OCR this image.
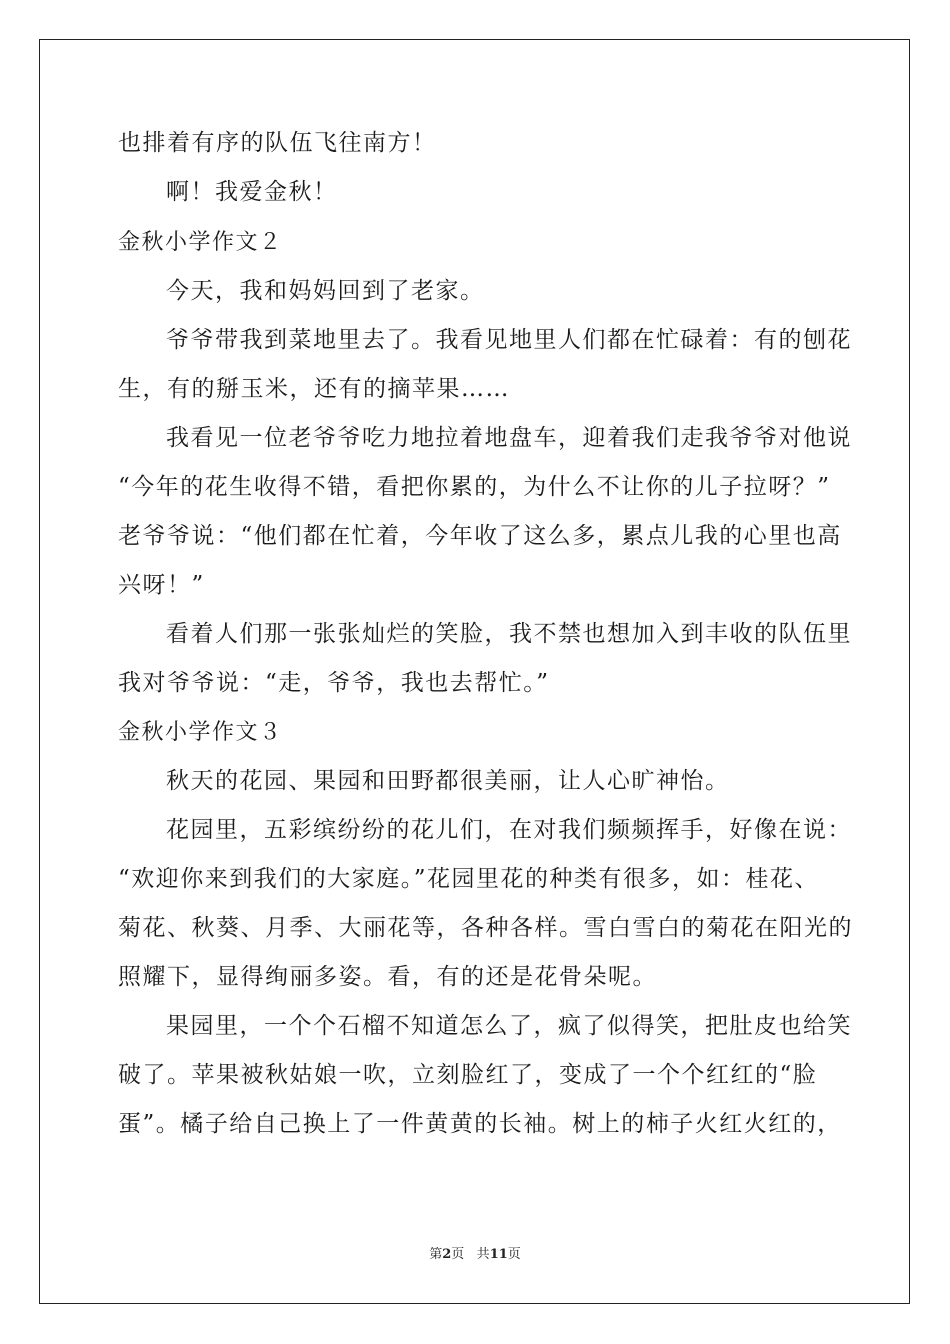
也排着有序的队伍飞往南方！

啊！我爱金秋！

金秋小学作文２

今天，我和妈妈回到了老家。

爷爷带我到菜地里去了。我看见地里人们都在忙碌着：有的刨花

生，有的掰玉米，还有的摘苹果……

我看见一位老爷爷吃力地拉着地盘车，迎着我们走我爷爷对他说

“今年的花生收得不错，看把你累的，为什么不让你的儿子拉呀？”

老爷爷说：“他们都在忙着，今年收了这么多，累点儿我的心里也高

兴呀！”

看着人们那一张张灿烂的笑脸，我不禁也想加入到丰收的队伍里

我对爷爷说：“走，爷爷，我也去帮忙。”

金秋小学作文３

秋天的花园、果园和田野都很美丽，让人心旷神怡。

花园里，五彩缤纷纷的花儿们，在对我们频频挥手，好像在说：

“欢迎你来到我们的大家庭。”花园里花的种类有很多，如：桂花、

菊花、秋葵、月季、大丽花等，各种各样。雪白雪白的菊花在阳光的

照耀下，显得绚丽多姿。看，有的还是花骨朵呢。

果园里，一个个石榴不知道怎么了，疯了似得笑，把肚皮也给笑

破了。苹果被秋姑娘一吹，立刻脸红了，变成了一个个红红的“脸

蛋”。橘子给自己换上了一件黄黄的长袖。树上的柿子火红火红的，

第2页 共11页
